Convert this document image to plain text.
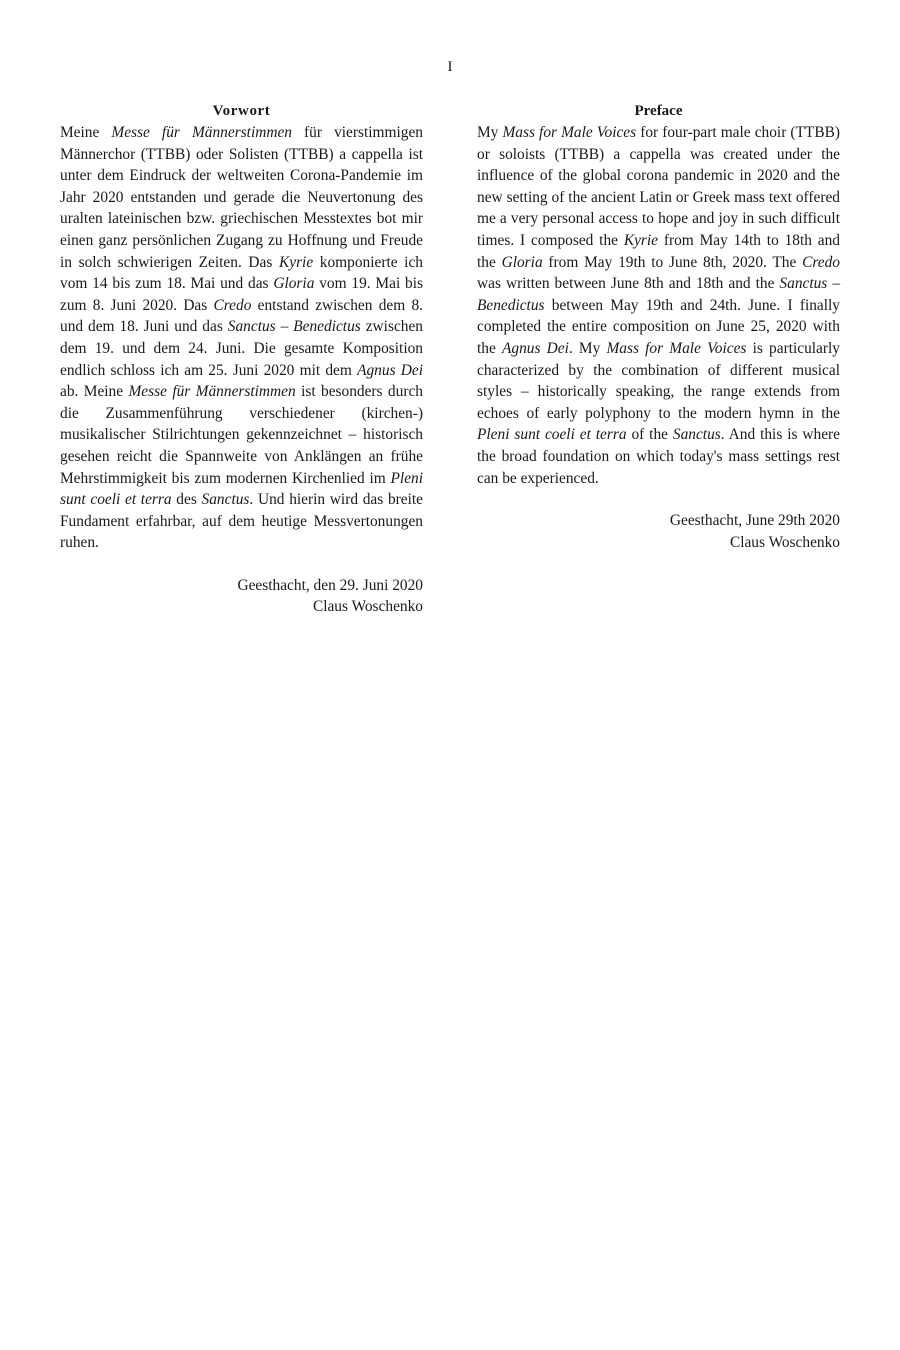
I
Vorwort

Meine Messe für Männerstimmen für vierstimmigen Männerchor (TTBB) oder Solisten (TTBB) a cappella ist unter dem Eindruck der weltweiten Corona-Pandemie im Jahr 2020 entstanden und gerade die Neuvertonung des uralten lateinischen bzw. griechischen Messtextes bot mir einen ganz persönlichen Zugang zu Hoffnung und Freude in solch schwierigen Zeiten. Das Kyrie komponierte ich vom 14 bis zum 18. Mai und das Gloria vom 19. Mai bis zum 8. Juni 2020. Das Credo entstand zwischen dem 8. und dem 18. Juni und das Sanctus – Benedictus zwischen dem 19. und dem 24. Juni. Die gesamte Komposition endlich schloss ich am 25. Juni 2020 mit dem Agnus Dei ab. Meine Messe für Männerstimmen ist besonders durch die Zusammenführung verschiedener (kirchen-) musikalischer Stilrichtungen gekennzeichnet – historisch gesehen reicht die Spannweite von Anklängen an frühe Mehrstimmigkeit bis zum modernen Kirchenlied im Pleni sunt coeli et terra des Sanctus. Und hierin wird das breite Fundament erfahrbar, auf dem heutige Messvertonungen ruhen.

Geesthacht, den 29. Juni 2020
Claus Woschenko
Preface

My Mass for Male Voices for four-part male choir (TTBB) or soloists (TTBB) a cappella was created under the influence of the global corona pandemic in 2020 and the new setting of the ancient Latin or Greek mass text offered me a very personal access to hope and joy in such difficult times. I composed the Kyrie from May 14th to 18th and the Gloria from May 19th to June 8th, 2020. The Credo was written between June 8th and 18th and the Sanctus – Benedictus between May 19th and 24th. June. I finally completed the entire composition on June 25, 2020 with the Agnus Dei. My Mass for Male Voices is particularly characterized by the combination of different musical styles – historically speaking, the range extends from echoes of early polyphony to the modern hymn in the Pleni sunt coeli et terra of the Sanctus. And this is where the broad foundation on which today's mass settings rest can be experienced.

Geesthacht, June 29th 2020
Claus Woschenko
